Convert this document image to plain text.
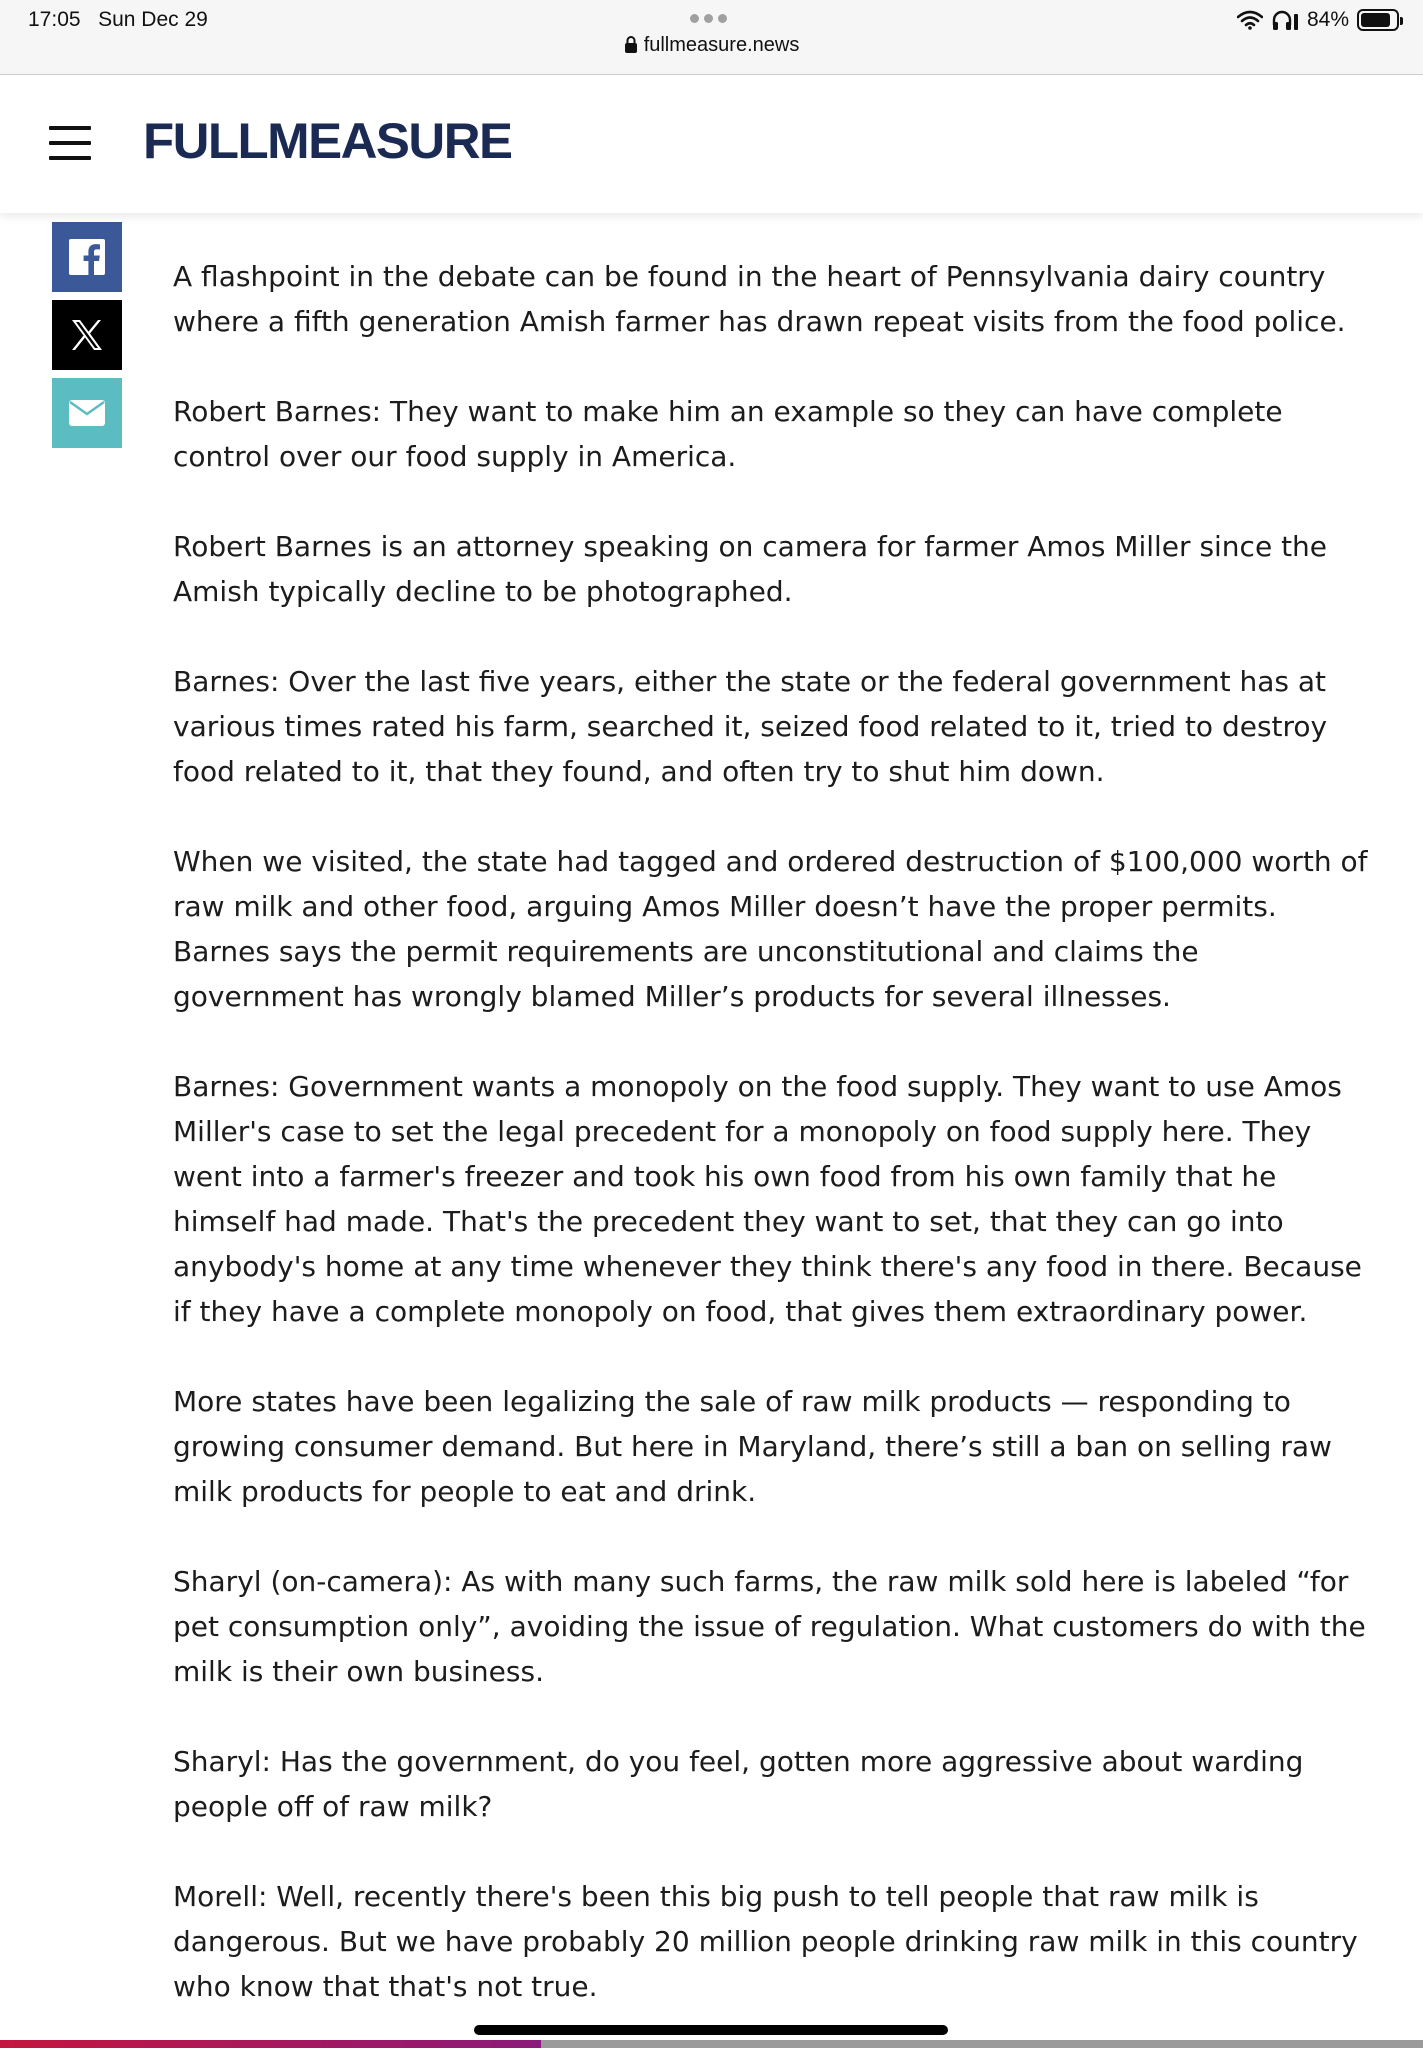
17:05 Sun Dec 29
fullmeasure.news
84%
FULLMEASURE

A flashpoint in the debate can be found in the heart of Pennsylvania dairy country where a fifth generation Amish farmer has drawn repeat visits from the food police.

Robert Barnes: They want to make him an example so they can have complete control over our food supply in America.

Robert Barnes is an attorney speaking on camera for farmer Amos Miller since the Amish typically decline to be photographed.

Barnes: Over the last five years, either the state or the federal government has at various times rated his farm, searched it, seized food related to it, tried to destroy food related to it, that they found, and often try to shut him down.

When we visited, the state had tagged and ordered destruction of $100,000 worth of raw milk and other food, arguing Amos Miller doesn’t have the proper permits. Barnes says the permit requirements are unconstitutional and claims the government has wrongly blamed Miller’s products for several illnesses.

Barnes: Government wants a monopoly on the food supply. They want to use Amos Miller's case to set the legal precedent for a monopoly on food supply here. They went into a farmer's freezer and took his own food from his own family that he himself had made. That's the precedent they want to set, that they can go into anybody's home at any time whenever they think there's any food in there. Because if they have a complete monopoly on food, that gives them extraordinary power.

More states have been legalizing the sale of raw milk products — responding to growing consumer demand. But here in Maryland, there’s still a ban on selling raw milk products for people to eat and drink.

Sharyl (on-camera): As with many such farms, the raw milk sold here is labeled “for pet consumption only”, avoiding the issue of regulation. What customers do with the milk is their own business.

Sharyl: Has the government, do you feel, gotten more aggressive about warding people off of raw milk?

Morell: Well, recently there's been this big push to tell people that raw milk is dangerous. But we have probably 20 million people drinking raw milk in this country who know that that's not true.
